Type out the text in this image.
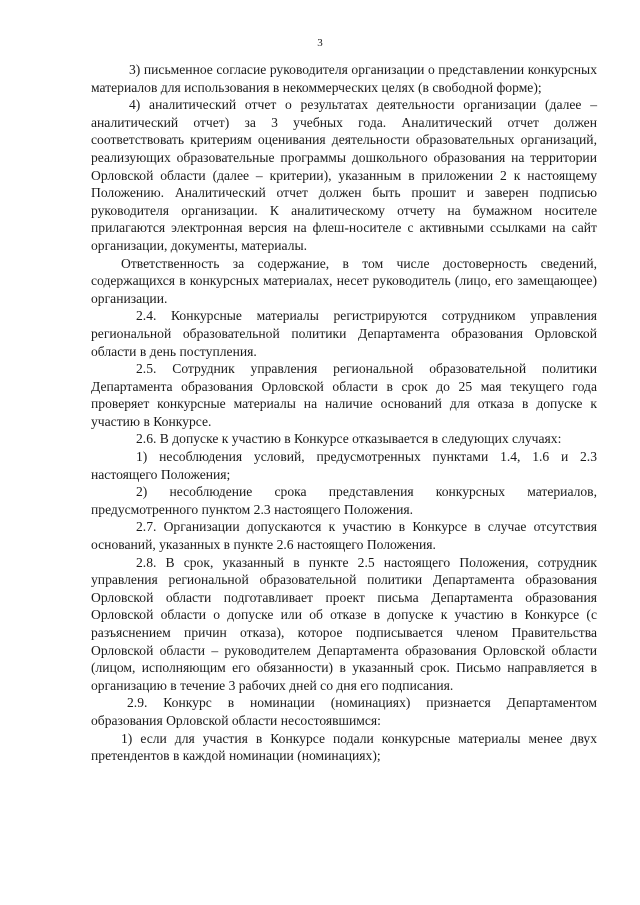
3

3) письменное согласие руководителя организации о представлении конкурсных материалов для использования в некоммерческих целях (в свободной форме);

4) аналитический отчет о результатах деятельности организации (далее – аналитический отчет) за 3 учебных года. Аналитический отчет должен соответствовать критериям оценивания деятельности образовательных организаций, реализующих образовательные программы дошкольного образования на территории Орловской области (далее – критерии), указанным в приложении 2 к настоящему Положению. Аналитический отчет должен быть прошит и заверен подписью руководителя организации. К аналитическому отчету на бумажном носителе прилагаются электронная версия на флеш-носителе с активными ссылками на сайт организации, документы, материалы.

Ответственность за содержание, в том числе достоверность сведений, содержащихся в конкурсных материалах, несет руководитель (лицо, его замещающее) организации.

2.4. Конкурсные материалы регистрируются сотрудником управления региональной образовательной политики Департамента образования Орловской области в день поступления.

2.5. Сотрудник управления региональной образовательной политики Департамента образования Орловской области в срок до 25 мая текущего года проверяет конкурсные материалы на наличие оснований для отказа в допуске к участию в Конкурсе.

2.6. В допуске к участию в Конкурсе отказывается в следующих случаях:

1) несоблюдения условий, предусмотренных пунктами 1.4, 1.6 и 2.3 настоящего Положения;

2) несоблюдение срока представления конкурсных материалов, предусмотренного пунктом 2.3 настоящего Положения.

2.7. Организации допускаются к участию в Конкурсе в случае отсутствия оснований, указанных в пункте 2.6 настоящего Положения.

2.8. В срок, указанный в пункте 2.5 настоящего Положения, сотрудник управления региональной образовательной политики Департамента образования Орловской области подготавливает проект письма Департамента образования Орловской области о допуске или об отказе в допуске к участию в Конкурсе (с разъяснением причин отказа), которое подписывается членом Правительства Орловской области – руководителем Департамента образования Орловской области (лицом, исполняющим его обязанности) в указанный срок. Письмо направляется в организацию в течение 3 рабочих дней со дня его подписания.

2.9. Конкурс в номинации (номинациях) признается Департаментом образования Орловской области несостоявшимся:

1) если для участия в Конкурсе подали конкурсные материалы менее двух претендентов в каждой номинации (номинациях);
